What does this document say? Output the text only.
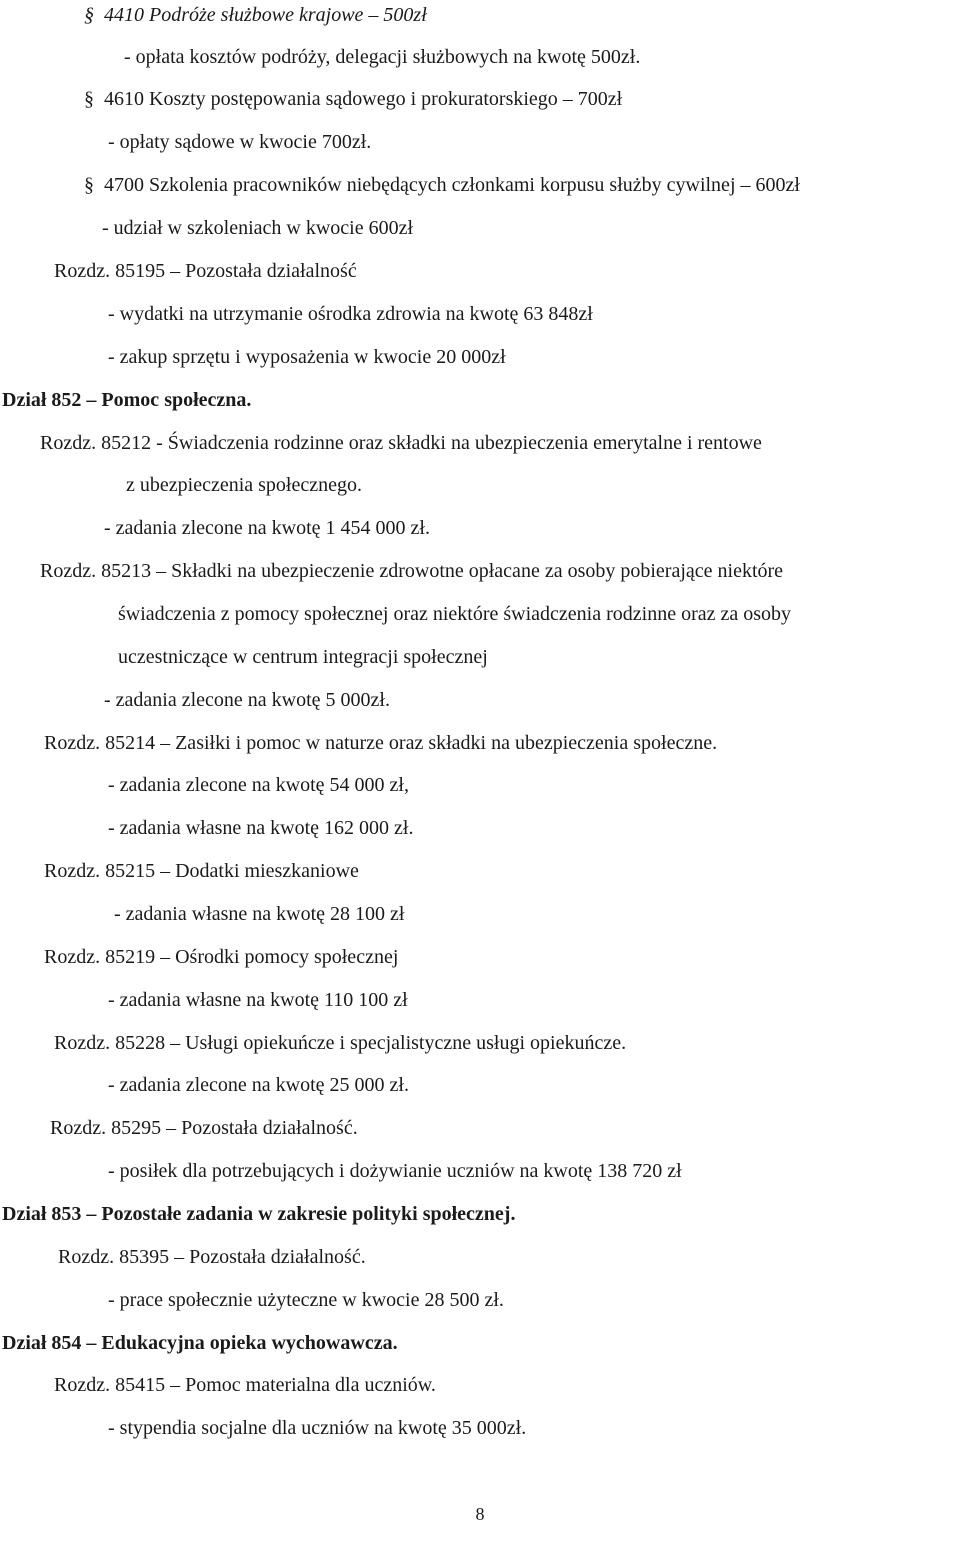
§ 4410 Podróże służbowe krajowe – 500zł
- opłata kosztów podróży, delegacji służbowych na kwotę 500zł.
§ 4610 Koszty postępowania sądowego i prokuratorskiego – 700zł
- opłaty sądowe w kwocie 700zł.
§ 4700 Szkolenia pracowników niebędących członkami korpusu służby cywilnej – 600zł
- udział w szkoleniach w kwocie 600zł
Rozdz. 85195 – Pozostała działalność
- wydatki na utrzymanie ośrodka zdrowia na kwotę 63 848zł
- zakup sprzętu i wyposażenia w kwocie 20 000zł
Dział 852 – Pomoc społeczna.
Rozdz. 85212 - Świadczenia rodzinne oraz składki na ubezpieczenia emerytalne i rentowe
z ubezpieczenia społecznego.
- zadania zlecone na kwotę 1 454 000 zł.
Rozdz. 85213 – Składki na ubezpieczenie zdrowotne opłacane za osoby pobierające niektóre
świadczenia z pomocy społecznej oraz niektóre świadczenia rodzinne oraz za osoby
uczestniczące w centrum integracji społecznej
- zadania zlecone na kwotę 5 000zł.
Rozdz. 85214 – Zasiłki i pomoc w naturze oraz składki na ubezpieczenia społeczne.
- zadania zlecone na kwotę 54 000 zł,
- zadania własne na kwotę 162 000 zł.
Rozdz. 85215 – Dodatki mieszkaniowe
- zadania własne na kwotę 28 100 zł
Rozdz. 85219 – Ośrodki pomocy społecznej
- zadania własne na kwotę 110 100 zł
Rozdz. 85228 – Usługi opiekuńcze i specjalistyczne usługi opiekuńcze.
- zadania zlecone na kwotę 25 000 zł.
Rozdz. 85295 – Pozostała działalność.
- posiłek dla potrzebujących i dożywianie uczniów na kwotę 138 720 zł
Dział 853 – Pozostałe zadania w zakresie polityki społecznej.
Rozdz. 85395 – Pozostała działalność.
- prace społecznie użyteczne w kwocie 28 500 zł.
Dział 854 – Edukacyjna opieka wychowawcza.
Rozdz. 85415 – Pomoc materialna dla uczniów.
- stypendia socjalne dla uczniów na kwotę 35 000zł.
8
